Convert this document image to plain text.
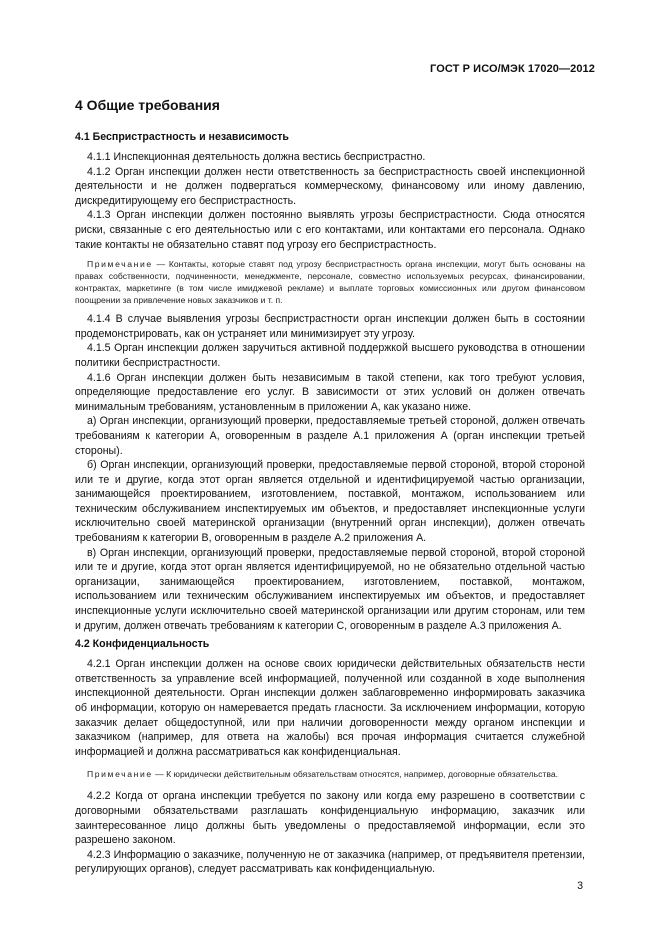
ГОСТ Р ИСО/МЭК 17020—2012
4 Общие требования
4.1 Беспристрастность и независимость

4.1.1 Инспекционная деятельность должна вестись беспристрастно.

4.1.2 Орган инспекции должен нести ответственность за беспристрастность своей инспекционной деятельности и не должен подвергаться коммерческому, финансовому или иному давлению, дискредитирующему его беспристрастность.

4.1.3 Орган инспекции должен постоянно выявлять угрозы беспристрастности. Сюда относятся риски, связанные с его деятельностью или с его контактами, или контактами его персонала. Однако такие контакты не обязательно ставят под угрозу его беспристрастность.

Примечание — Контакты, которые ставят под угрозу беспристрастность органа инспекции, могут быть основаны на правах собственности, подчиненности, менеджменте, персонале, совместно используемых ресурсах, финансировании, контрактах, маркетинге (в том числе имиджевой рекламе) и выплате торговых комиссионных или другом финансовом поощрении за привлечение новых заказчиков и т. п.

4.1.4 В случае выявления угрозы беспристрастности орган инспекции должен быть в состоянии продемонстрировать, как он устраняет или минимизирует эту угрозу.

4.1.5 Орган инспекции должен заручиться активной поддержкой высшего руководства в отношении политики беспристрастности.

4.1.6 Орган инспекции должен быть независимым в такой степени, как того требуют условия, определяющие предоставление его услуг. В зависимости от этих условий он должен отвечать минимальным требованиям, установленным в приложении А, как указано ниже.

а) Орган инспекции, организующий проверки, предоставляемые третьей стороной, должен отвечать требованиям к категории А, оговоренным в разделе А.1 приложения А (орган инспекции третьей стороны).

б) Орган инспекции, организующий проверки, предоставляемые первой стороной, второй стороной или те и другие, когда этот орган является отдельной и идентифицируемой частью организации, занимающейся проектированием, изготовлением, поставкой, монтажом, использованием или техническим обслуживанием инспектируемых им объектов, и предоставляет инспекционные услуги исключительно своей материнской организации (внутренний орган инспекции), должен отвечать требованиям к категории В, оговоренным в разделе А.2 приложения А.

в) Орган инспекции, организующий проверки, предоставляемые первой стороной, второй стороной или те и другие, когда этот орган является идентифицируемой, но не обязательно отдельной частью организации, занимающейся проектированием, изготовлением, поставкой, монтажом, использованием или техническим обслуживанием инспектируемых им объектов, и предоставляет инспекционные услуги исключительно своей материнской организации или другим сторонам, или тем и другим, должен отвечать требованиям к категории С, оговоренным в разделе А.3 приложения А.

4.2 Конфиденциальность

4.2.1 Орган инспекции должен на основе своих юридически действительных обязательств нести ответственность за управление всей информацией, полученной или созданной в ходе выполнения инспекционной деятельности. Орган инспекции должен заблаговременно информировать заказчика об информации, которую он намеревается предать гласности. За исключением информации, которую заказчик делает общедоступной, или при наличии договоренности между органом инспекции и заказчиком (например, для ответа на жалобы) вся прочая информация считается служебной информацией и должна рассматриваться как конфиденциальная.

Примечание — К юридически действительным обязательствам относятся, например, договорные обязательства.

4.2.2 Когда от органа инспекции требуется по закону или когда ему разрешено в соответствии с договорными обязательствами разглашать конфиденциальную информацию, заказчик или заинтересованное лицо должны быть уведомлены о предоставляемой информации, если это разрешено законом.

4.2.3 Информацию о заказчике, полученную не от заказчика (например, от предъявителя претензии, регулирующих органов), следует рассматривать как конфиденциальную.

3
